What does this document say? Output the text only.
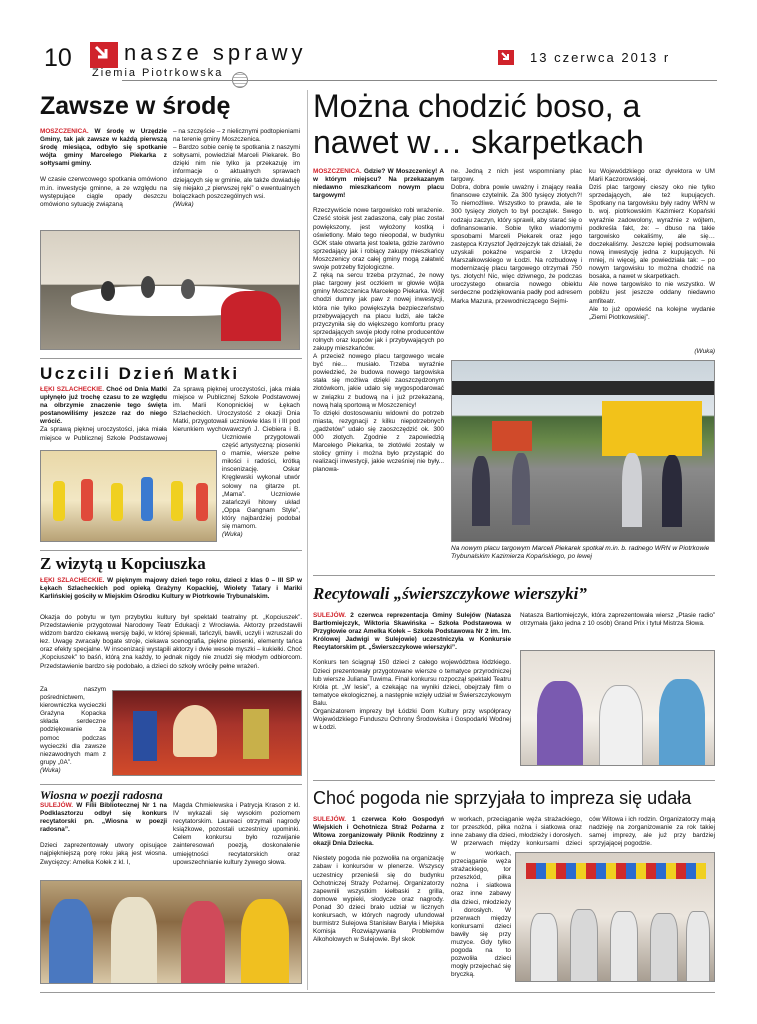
10 nasze sprawy
Ziemia Piotrkowska
13 czerwca 2013 r
Zawsze w środę

MOSZCZENICA. W środę w Urzędzie Gminy, tak jak zawsze w każdą pierwszą środę miesiąca, odbyło się spotkanie wójta gminy Marcelego Piekarka z sołtysami gminy.

W czasie czerwcowego spotkania omówiono m.in. inwestycje gminne, a ze względu na występujące ciągle opady deszczu omówiono sytuację związaną

– na szczęście – z nielicznymi podtopieniami na terenie gminy Moszczenica.
– Bardzo sobie cenię te spotkania z naszymi sołtysami, powiedział Marceli Piekarek. Bo dzięki nim nie tylko ja przekazuję im informacje o aktualnych sprawach dziejących się w gminie, ale także dowiaduję się niejako „z pierwszej ręki” o ewentualnych bolączkach poszczególnych wsi.

(Wuka)

Uczcili Dzień Matki

ŁĘKI SZLACHECKIE. Choć od Dnia Matki upłynęło już trochę czasu to ze względu na olbrzymie znaczenie tego święta postanowiliśmy jeszcze raz do niego wrócić.

Za sprawą pięknej uroczystości, jaka miała miejsce w Publicznej Szkole Podstawowej

Za sprawą pięknej uroczystości, jaka miała miejsce w Publicznej Szkole Podstawowej im. Marii Konopnickiej w Łękach Szlacheckich. Uroczystość z okazji Dnia Matki, przygotowali uczniowie klas II i III pod kierunkiem wychowawczyń J. Ciebiera i B.

Uczniowie przygotowali część artystyczną: piosenki o mamie, wiersze pełne miłości i radości, krótką inscenizację. Oskar Kręglewski wykonał utwór solowy na gitarze pt. „Mama”. Uczniowie zatańczyli hitowy układ „Oppa Gangnam Style”, który najbardziej podobał się mamom.

(Wuka)

Z wizytą u Kopciuszka

ŁĘKI SZLACHECKIE. W pięknym majowy dzień tego roku, dzieci z klas 0 – III SP w Łękach Szlacheckich pod opieką Grażyny Kopackiej, Wiolety Tatary i Mariki Karlińskiej gościły w Miejskim Ośrodku Kultury w Piotrkowie Trybunalskim.

Okazja do pobytu w tym przybytku kultury był spektakl teatralny pt. „Kopciuszek”. Przedstawienie przygotował Narodowy Teatr Edukacji z Wrocławia. Aktorzy przedstawili widzom bardzo ciekawą wersję bajki, w której śpiewali, tańczyli, bawili, uczyli i wzruszali do łez. Uwagę zwracały bogate stroje, ciekawa scenografia, piękne piosenki, elementy tańca oraz efekty specjalne. W inscenizacji wystąpili aktorzy i dwie wesołe myszki – kukiełki. Choć „Kopciuszek” to baśń, którą zna każdy, to jednak nigdy nie znudzi się młodym odbiorcom. Przedstawienie bardzo się podobało, a dzieci do szkoły wróciły pełne wrażeń.

Za naszym pośrednictwem, kierowniczka wycieczki Grażyna Kopacka składa serdeczne podziękowanie za pomoc podczas wycieczki dla zawsze niezawodnych mam z grupy „0A”.

(Wuka)

Wiosna w poezji radosna

SULEJÓW. W Filii Bibliotecznej Nr 1 na Podklasztorzu odbył się konkurs recytatorski pn. „Wiosna w poezji radosna”.

Dzieci zaprezentowały utwory opisujące najpiękniejszą porę roku jaką jest wiosna. Zwycięzcy: Amelka Kołek z kl. I,

Magda Chmielewska i Patrycja Krason z kl. IV wykazali się wysokim poziomem recytatorskim. Laureaci otrzymali nagrody książkowe, pozostali uczestnicy upominki. Celem konkursu było rozwijanie zainteresowań poezją, doskonalenie umiejętności recytatorskich oraz upowszechnianie kultury żywego słowa.

Można chodzić boso, a nawet w… skarpetkach

MOSZCZENICA. Gdzie? W Moszczenicy! A w którym miejscu? Na przekazanym niedawno mieszkańcom nowym placu targowym!

Rzeczywiście nowe targowisko robi wrażenie. Cześć stoisk jest zadaszona, cały plac został powiększony, jest wyłożony kostką i oświetlony. Mało tego nieopodal, w budynku GOK stale otwarta jest toaleta, gdzie zarówno sprzedający jak i robiący zakupy mieszkańcy Moszczenicy oraz całej gminy mogą załatwić swoje potrzeby fizjologiczne.
Z ręką na sercu trzeba przyznać, że nowy plac targowy jest oczkiem w głowie wójta gminy Moszczenica Marcelego Piekarka. Wójt chodzi dumny jak paw z nowej inwestycji, która nie tylko powiększyła bezpieczeństwo przebywających na placu ludzi, ale także przyczyniła się do większego komfortu pracy sprzedających swoje płody rolne producentów rolnych oraz kupców jak i przybywających po zakupy mieszkańców.
A przecież nowego placu targowego wcale być nie… musiało. Trzeba wyraźnie powiedzieć, że budowa nowego targowiska stała się możliwa dzięki zaoszczędzonym złotówkom, jakie udało się wygospodarować w związku z budową na i już przekazaną, nową halą sportową w Moszczenicy!
To dzięki dostosowaniu widowni do potrzeb miasta, rezygnacji z kilku niepotrzebnych „gadżetów” udało się zaoszczędzić ok. 300 000 złotych. Zgodnie z zapowiedzią Marcelego Piekarka, te złotówki zostały w stolicy gminy i można było przystąpić do realizacji inwestycji, jakie wcześniej nie były... planowa-

ne. Jedną z nich jest wspomniany plac targowy.
Dobra, dobra powie uważny i znający realia finansowe czytelnik. Za 300 tysięcy złotych?! To niemożliwe. Wszystko to prawda, ale te 300 tysięcy złotych to był początek. Swego rodzaju zaczyn, który sprawił, aby starać się o dofinansowanie. Sobie tylko wiadomymi sposobami Marceli Piekarek oraz jego zastępca Krzysztof Jędrzejczyk tak działali, że uzyskali pokaźne wsparcie z Urzędu Marszałkowskiego w Łodzi. Na rozbudowę i modernizację placu targowego otrzymali 750 tys. złotych! Nic, więc dziwnego, że podczas uroczystego otwarcia nowego obiektu serdeczne podziękowania padły pod adresem Marka Mazura, przewodniczącego Sejmi-

ku Wojewódzkiego oraz dyrektora w UM Marii Kaczorowskiej.
Dziś plac targowy cieszy oko nie tylko sprzedających, ale też kupujących. Spotkany na targowisku były radny WRN w b. woj. piotrkowskim Kazimierz Kopański wyraźnie zadowolony, wyraźnie z wójtem, podkreśla fakt, że: – dbuso na takie targowisko cekaliśmy, ale się… doczekaliśmy. Jeszcze lepiej podsumowała nową inwestycję jedna z kupujących. Ni mniej, ni więcej, ale powiedziała tak: – po nowym targowisku to można chodzić na bosaka, a nawet w skarpetkach.
Ale nowe targowisko to nie wszystko. W pobliżu jest jeszcze oddany niedawno amfiteatr.
Ale to już opowieść na kolejne wydanie „Ziemi Piotrkowskiej”.

(Wuka)

Na nowym placu targowym Marceli Piekarek spotkał m.in. b. radnego WRN w Piotrkowie Trybunalskim Kazimierza Kopańskiego, po lewej
Recytowali „świerszczykowe wierszyki”

SULEJÓW. 2 czerwca reprezentacja Gminy Sulejów (Natasza Bartłomiejczyk, Wiktoria Skawińska – Szkoła Podstawowa w Przygłowie oraz Amelka Kołek – Szkoła Podstawowa Nr 2 im. Im. Królowej Jadwigi w Sulejowie) uczestniczyła w Konkursie Recytatorskim pt. „Świerszczykowe wierszyki”.

Konkurs ten ściągnął 150 dzieci z całego województwa łódzkiego. Dzieci prezentowały przygotowane wiersze o tematyce przyrodniczej lub wiersze Juliana Tuwima. Finał konkursu rozpoczął spektakl Teatru Króla pt. „W lesie”, a czekając na wyniki dzieci, obejrzały film o tematyce ekologicznej, a następnie wzięły udział w Świerszczykowym Balu.
Organizatorem imprezy był Łódzki Dom Kultury przy współpracy Wojewódzkiego Funduszu Ochrony Środowiska i Gospodarki Wodnej w Łodzi.

Natasza Bartłomiejczyk, która zaprezentowała wiersz „Ptasie radio” otrzymała (jako jedna z 10 osób) Grand Prix i tytuł Mistrza Słowa.

Choć pogoda nie sprzyjała to impreza się udała

SULEJÓW. 1 czerwca Koło Gospodyń Wiejskich i Ochotnicza Straż Pożarna z Witowa zorganizowały Piknik Rodzinny z okazji Dnia Dziecka.

Niestety pogoda nie pozwoliła na organizację zabaw i konkursów w plenerze. Wszyscy uczestnicy przenieśli się do budynku Ochotniczej Straży Pożarnej. Organizatorzy zapewnili wszystkim kiełbaski z grilla, domowe wypieki, słodycze oraz nagrody. Ponad 30 dzieci brało udział w licznych konkursach, w których nagrody ufundował burmistrz Sulejowa Stanisław Baryła i Miejska Komisja Rozwiązywania Problemów Alkoholowych w Sulejowie. Był skok

w workach, przeciąganie węża strażackiego, tor przeszkód, piłka nożna i siatkowa oraz inne zabawy dla dzieci, młodzieży i dorosłych. W przerwach między konkursami dzieci

w workach, przeciąganie węża strażackiego, tor przeszkód, piłka nożna i siatkowa oraz inne zabawy dla dzieci, młodzieży i dorosłych. W przerwach między konkursami dzieci bawiły się przy muzyce. Gdy tylko pogoda na to pozwoliła dzieci mogły przejechać się bryczką.

ców Witowa i ich rodzin. Organizatorzy mają nadzieję na zorganizowanie za rok takiej samej imprezy, ale już przy bardziej sprzyjającej pogodzie.
